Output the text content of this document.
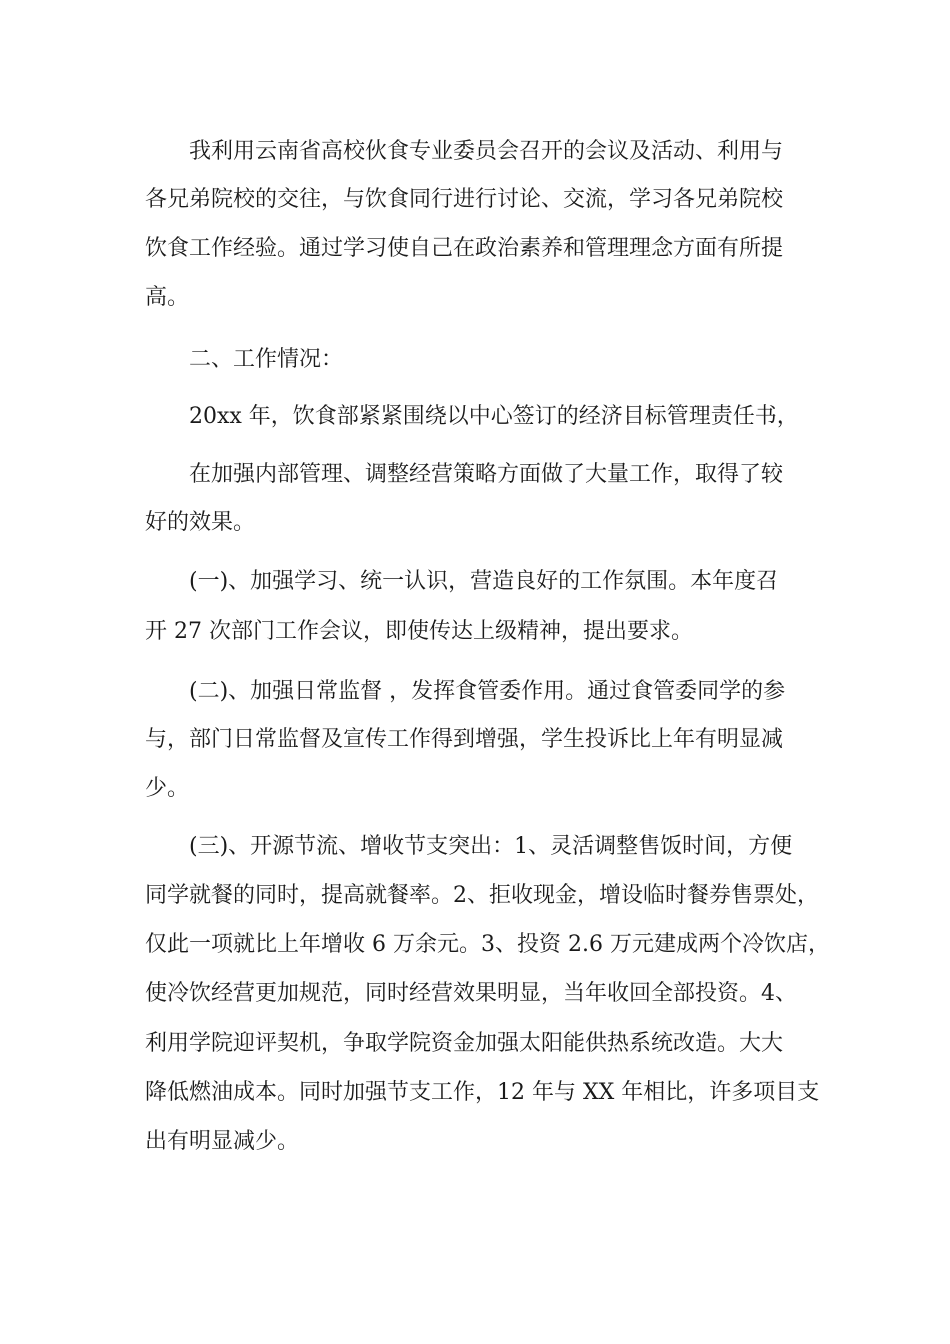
我利用云南省高校伙食专业委员会召开的会议及活动、利用与

各兄弟院校的交往，与饮食同行进行讨论、交流，学习各兄弟院校

饮食工作经验。通过学习使自己在政治素养和管理理念方面有所提

高。

二、工作情况：

20xx 年，饮食部紧紧围绕以中心签订的经济目标管理责任书，

在加强内部管理、调整经营策略方面做了大量工作，取得了较

好的效果。

(一)、加强学习、统一认识，营造良好的工作氛围。本年度召

开 27 次部门工作会议，即使传达上级精神，提出要求。

(二)、加强日常监督 ，发挥食管委作用。通过食管委同学的参

与，部门日常监督及宣传工作得到增强，学生投诉比上年有明显减

少。

(三)、开源节流、增收节支突出：1、灵活调整售饭时间，方便

同学就餐的同时，提高就餐率。2、拒收现金，增设临时餐券售票处，

仅此一项就比上年增收 6 万余元。3、投资 2.6 万元建成两个冷饮店，

使冷饮经营更加规范，同时经营效果明显，当年收回全部投资。4、

利用学院迎评契机，争取学院资金加强太阳能供热系统改造。大大

降低燃油成本。同时加强节支工作，12 年与 XX 年相比，许多项目支

出有明显减少。
